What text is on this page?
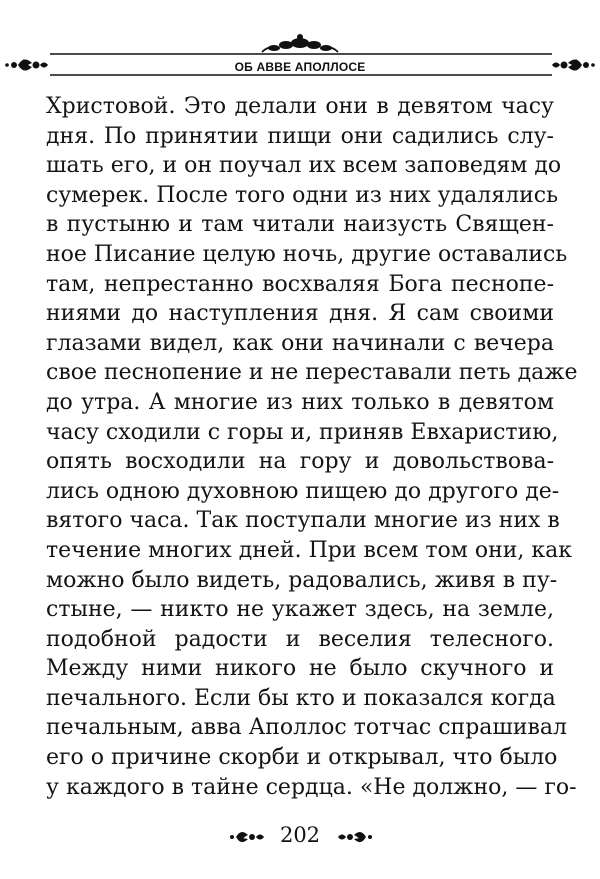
ОБ АВВЕ АПОЛЛОСЕ
Христовой. Это делали они в девятом часу
дня. По принятии пищи они садились слу-
шать его, и он поучал их всем заповедям до
сумерек. После того одни из них удалялись
в пустыню и там читали наизусть Священ-
ное Писание целую ночь, другие оставались
там, непрестанно восхваляя Бога песнопе-
ниями до наступления дня. Я сам своими
глазами видел, как они начинали с вечера
свое песнопение и не переставали петь даже
до утра. А многие из них только в девятом
часу сходили с горы и, приняв Евхаристию,
опять восходили на гору и довольствова-
лись одною духовною пищею до другого де-
вятого часа. Так поступали многие из них в
течение многих дней. При всем том они, как
можно было видеть, радовались, живя в пу-
стыне, — никто не укажет здесь, на земле,
подобной радости и веселия телесного.
Между ними никого не было скучного и
печального. Если бы кто и показался когда
печальным, авва Аполлос тотчас спрашивал
его о причине скорби и открывал, что было
у каждого в тайне сердца. «Не должно, — го-
202
